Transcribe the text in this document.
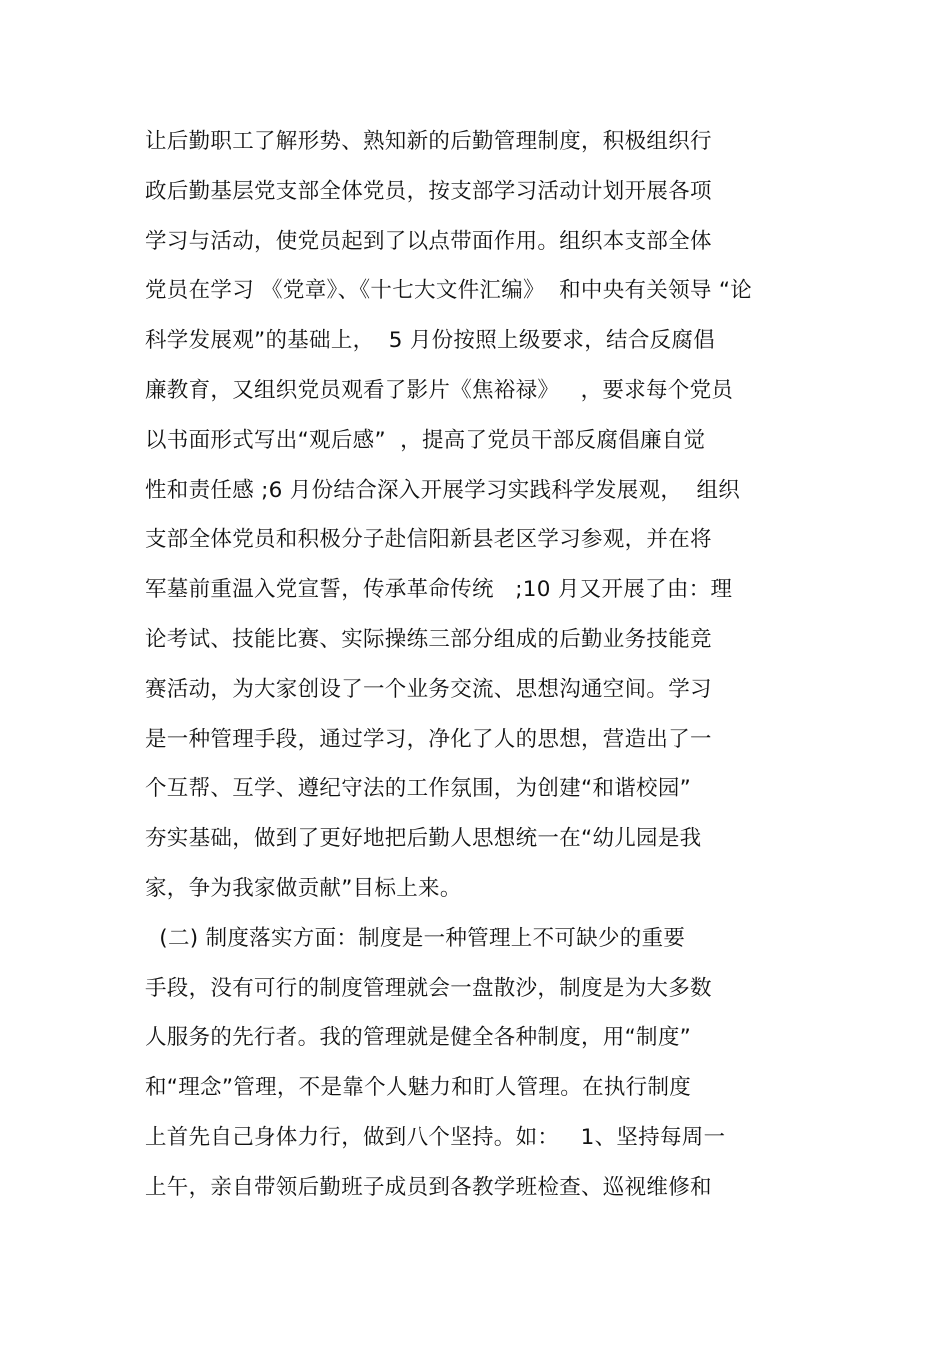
让后勤职工了解形势、熟知新的后勤管理制度，积极组织行
政后勤基层党支部全体党员，按支部学习活动计划开展各项
学习与活动，使党员起到了以点带面作用。组织本支部全体
党员在学习 《党章》、《十七大文件汇编》  和中央有关领导 “论
科学发展观”的基础上，  5 月份按照上级要求，结合反腐倡
廉教育，又组织党员观看了影片《焦裕禄》   ，要求每个党员
以书面形式写出“观后感”  ，提高了党员干部反腐倡廉自觉
性和责任感 ;6 月份结合深入开展学习实践科学发展观，  组织
支部全体党员和积极分子赴信阳新县老区学习参观，并在将
军墓前重温入党宣誓，传承革命传统   ;10 月又开展了由：理
论考试、技能比赛、实际操练三部分组成的后勤业务技能竞
赛活动，为大家创设了一个业务交流、思想沟通空间。学习
是一种管理手段，通过学习，净化了人的思想，营造出了一
个互帮、互学、遵纪守法的工作氛围，为创建“和谐校园”
夯实基础，做到了更好地把后勤人思想统一在“幼儿园是我
家，争为我家做贡献”目标上来。
(二) 制度落实方面：制度是一种管理上不可缺少的重要
手段，没有可行的制度管理就会一盘散沙，制度是为大多数
人服务的先行者。我的管理就是健全各种制度，用“制度”
和“理念”管理，不是靠个人魅力和盯人管理。在执行制度
上首先自己身体力行，做到八个坚持。如：   1、坚持每周一
上午，亲自带领后勤班子成员到各教学班检查、巡视维修和
